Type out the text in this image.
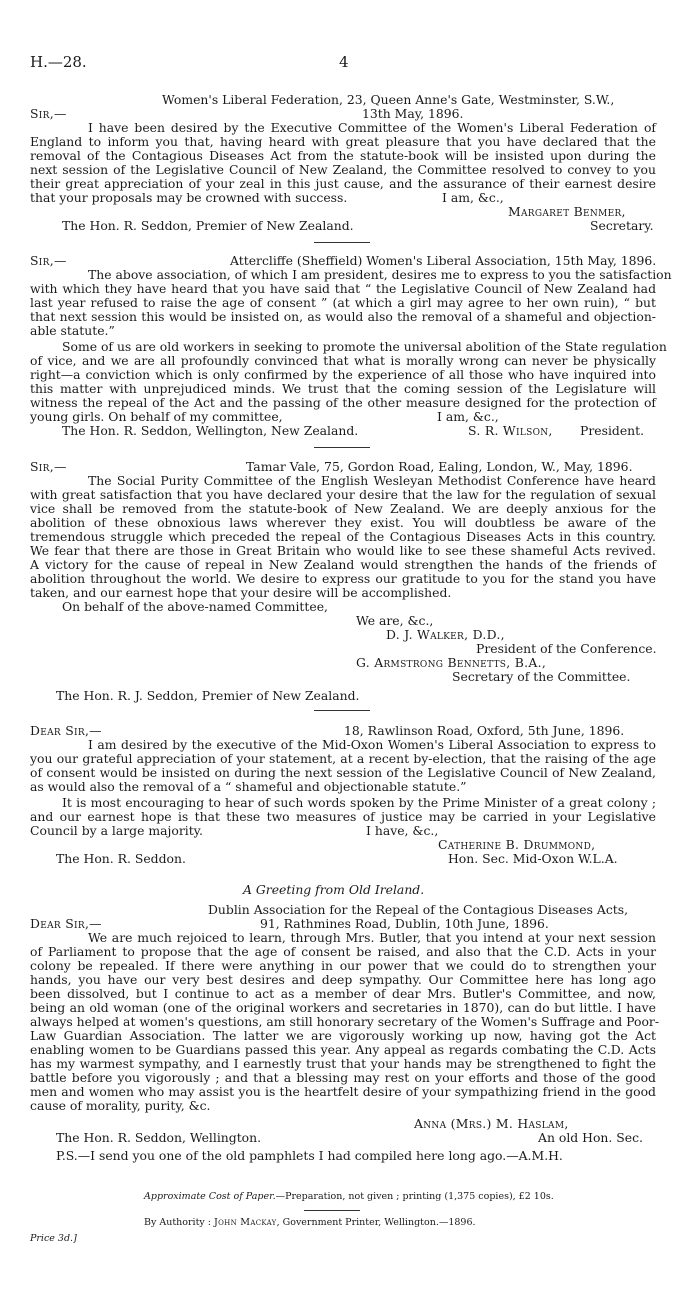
H.—28.	4
Women's Liberal Federation, 23, Queen Anne's Gate, Westminster, S.W.,
Sir,—	13th May, 1896.
I have been desired by the Executive Committee of the Women's Liberal Federation of
England to inform you that, having heard with great pleasure that you have declared that the
removal of the Contagious Diseases Act from the statute-book will be insisted upon during the
next session of the Legislative Council of New Zealand, the Committee resolved to convey to you
their great appreciation of your zeal in this just cause, and the assurance of their earnest desire
that your proposals may be crowned with success.	I am, &c.,
Margaret Benmer,
The Hon. R. Seddon, Premier of New Zealand.	Secretary.
Sir,—	Attercliffe (Sheffield) Women's Liberal Association, 15th May, 1896.
The above association, of which I am president, desires me to express to you the satisfaction
with which they have heard that you have said that “ the Legislative Council of New Zealand had
last year refused to raise the age of consent ” (at which a girl may agree to her own ruin), “ but
that next session this would be insisted on, as would also the removal of a shameful and objection-
able statute.”
Some of us are old workers in seeking to promote the universal abolition of the State regulation
of vice, and we are all profoundly convinced that what is morally wrong can never be physically
right—a conviction which is only confirmed by the experience of all those who have inquired into
this matter with unprejudiced minds. We trust that the coming session of the Legislature will
witness the repeal of the Act and the passing of the other measure designed for the protection of
young girls. On behalf of my committee,	I am, &c.,
The Hon. R. Seddon, Wellington, New Zealand.	S. R. Wilson, President.
Sir,—	Tamar Vale, 75, Gordon Road, Ealing, London, W., May, 1896.
The Social Purity Committee of the English Wesleyan Methodist Conference have heard
with great satisfaction that you have declared your desire that the law for the regulation of sexual
vice shall be removed from the statute-book of New Zealand. We are deeply anxious for the
abolition of these obnoxious laws wherever they exist. You will doubtless be aware of the
tremendous struggle which preceded the repeal of the Contagious Diseases Acts in this country.
We fear that there are those in Great Britain who would like to see these shameful Acts revived.
A victory for the cause of repeal in New Zealand would strengthen the hands of the friends of
abolition throughout the world. We desire to express our gratitude to you for the stand you have
taken, and our earnest hope that your desire will be accomplished.
On behalf of the above-named Committee,
We are, &c.,
D. J. Walker, D.D.,
President of the Conference.
G. Armstrong Bennetts, B.A.,
Secretary of the Committee.
The Hon. R. J. Seddon, Premier of New Zealand.
Dear Sir,—	18, Rawlinson Road, Oxford, 5th June, 1896.
I am desired by the executive of the Mid-Oxon Women's Liberal Association to express to
you our grateful appreciation of your statement, at a recent by-election, that the raising of the age
of consent would be insisted on during the next session of the Legislative Council of New Zealand,
as would also the removal of a “ shameful and objectionable statute.”
It is most encouraging to hear of such words spoken by the Prime Minister of a great colony ;
and our earnest hope is that these two measures of justice may be carried in your Legislative
Council by a large majority.	I have, &c.,
Catherine B. Drummond,
The Hon. R. Seddon.	Hon. Sec. Mid-Oxon W.L.A.
A Greeting from Old Ireland.
Dublin Association for the Repeal of the Contagious Diseases Acts,
Dear Sir,—	91, Rathmines Road, Dublin, 10th June, 1896.
We are much rejoiced to learn, through Mrs. Butler, that you intend at your next session
of Parliament to propose that the age of consent be raised, and also that the C.D. Acts in your
colony be repealed. If there were anything in our power that we could do to strengthen your
hands, you have our very best desires and deep sympathy. Our Committee here has long ago
been dissolved, but I continue to act as a member of dear Mrs. Butler's Committee, and now,
being an old woman (one of the original workers and secretaries in 1870), can do but little. I have
always helped at women's questions, am still honorary secretary of the Women's Suffrage and Poor-
Law Guardian Association. The latter we are vigorously working up now, having got the Act
enabling women to be Guardians passed this year. Any appeal as regards combating the C.D. Acts
has my warmest sympathy, and I earnestly trust that your hands may be strengthened to fight the
battle before you vigorously ; and that a blessing may rest on your efforts and those of the good
men and women who may assist you is the heartfelt desire of your sympathizing friend in the good
cause of morality, purity, &c.
Anna (Mrs.) M. Haslam,
The Hon. R. Seddon, Wellington.	An old Hon. Sec.
P.S.—I send you one of the old pamphlets I had compiled here long ago.—A.M.H.
Approximate Cost of Paper.—Preparation, not given ; printing (1,375 copies), £2 10s.
By Authority : John Mackay, Government Printer, Wellington.—1896.
Price 3d.]
